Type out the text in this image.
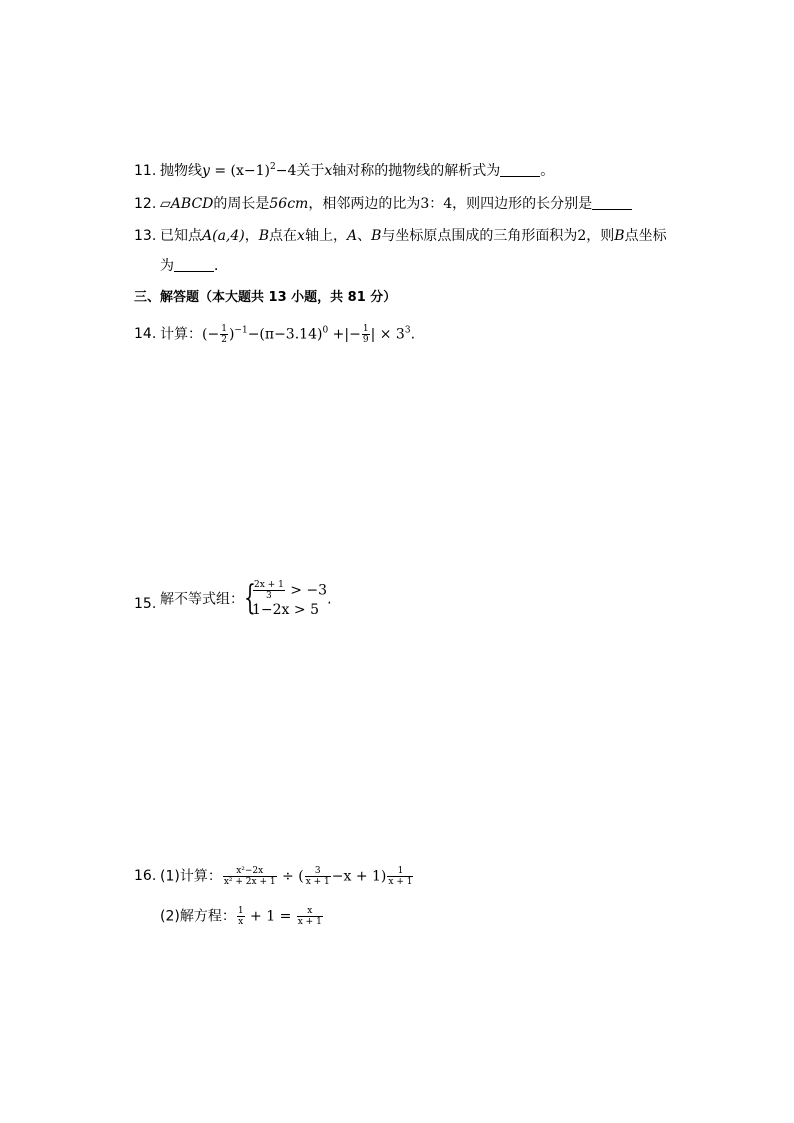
11. 抛物线$y = (x-1)^2-4$关于x轴对称的抛物线的解析式为	。
12. ▱ABCD的周长是56cm，相邻两边的比为3：4，则四边形的长分别是
13. 已知点A(a,4)，B点在x轴上，A、B与坐标原点围成的三角形面积为2，则B点坐标
为	．
三、解答题（本大题共 13 小题，共 81 分）
14. 计算：(− $\frac{1}{2} )^{-1}-(\pi-3.14)^0$ +|− $\frac{1}{9}$ | × $3^3$.
15. 解不等式组： {
$\frac{2x + 1}{3} > -3$
1−2x > 5
.
16. (1)计算： $\frac{\text{x²−2x}}{\text{x² + 2x + 1}}$ ÷ ( $\frac{3}{x + 1} -x + 1) \frac{1}{x + 1}$
(2)解方程： $\frac{1}{x} + 1 = \frac{x}{x + 1}$
